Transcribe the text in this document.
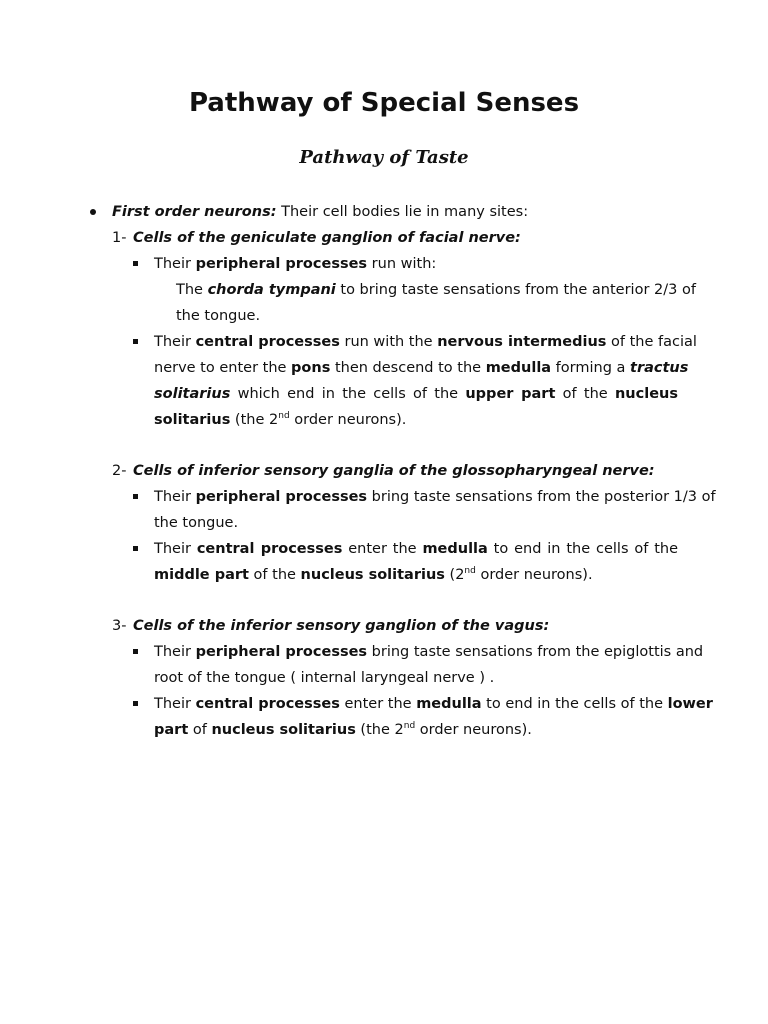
Pathway of Special Senses
Pathway of Taste
First order neurons: Their cell bodies lie in many sites:
1- Cells of the geniculate ganglion of facial nerve:
Their peripheral processes run with:
The chorda tympani to bring taste sensations from the anterior 2/3 of
the tongue.
Their central processes run with the nervous intermedius of the facial
nerve to enter the pons then descend to the medulla forming a tractus
solitarius which end in the cells of the upper part of the nucleus
solitarius (the 2nd order neurons).
2- Cells of inferior sensory ganglia of the glossopharyngeal nerve:
Their peripheral processes bring taste sensations from the posterior 1/3 of
the tongue.
Their central processes enter the medulla to end in the cells of the
middle part of the nucleus solitarius (2nd order neurons).
3- Cells of the inferior sensory ganglion of the vagus:
Their peripheral processes bring taste sensations from the epiglottis and
root of the tongue ( internal laryngeal nerve ) .
Their central processes enter the medulla to end in the cells of the lower
part of nucleus solitarius (the 2nd order neurons).
